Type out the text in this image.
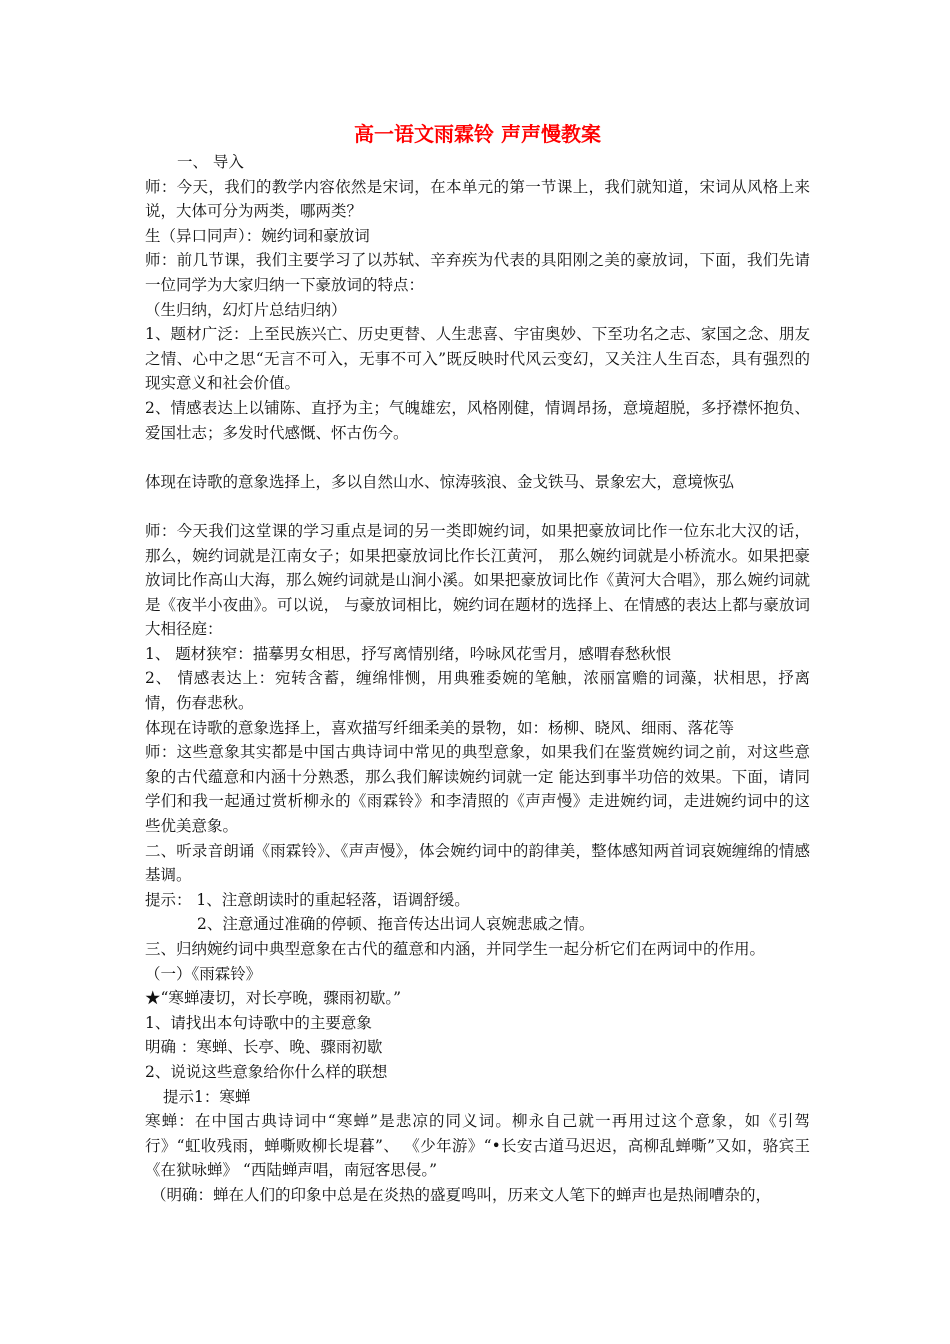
高一语文雨霖铃 声声慢教案

一、 导入

师：今天，我们的教学内容依然是宋词，在本单元的第一节课上，我们就知道，宋词从风格上来说，大体可分为两类，哪两类？

生（异口同声）：婉约词和豪放词

师：前几节课，我们主要学习了以苏轼、辛弃疾为代表的具阳刚之美的豪放词，下面，我们先请一位同学为大家归纳一下豪放词的特点：

（生归纳，幻灯片总结归纳）

1、题材广泛：上至民族兴亡、历史更替、人生悲喜、宇宙奥妙、下至功名之志、家国之念、朋友之情、心中之思“无言不可入，无事不可入”既反映时代风云变幻，又关注人生百态，具有强烈的现实意义和社会价值。

2、情感表达上以铺陈、直抒为主；气魄雄宏，风格刚健，情调昂扬，意境超脱，多抒襟怀抱负、爱国壮志；多发时代感慨、怀古伤今。

体现在诗歌的意象选择上，多以自然山水、惊涛骇浪、金戈铁马、景象宏大，意境恢弘

师：今天我们这堂课的学习重点是词的另一类即婉约词，如果把豪放词比作一位东北大汉的话，那么，婉约词就是江南女子；如果把豪放词比作长江黄河， 那么婉约词就是小桥流水。如果把豪放词比作高山大海，那么婉约词就是山涧小溪。如果把豪放词比作《黄河大合唱》，那么婉约词就是《夜半小夜曲》。可以说， 与豪放词相比，婉约词在题材的选择上、在情感的表达上都与豪放词大相径庭：

1、 题材狭窄：描摹男女相思，抒写离情别绪，吟咏风花雪月，感喟春愁秋恨

2、 情感表达上：宛转含蓄，缠绵悱恻，用典雅委婉的笔触，浓丽富赡的词藻，状相思，抒离情，伤春悲秋。

体现在诗歌的意象选择上，喜欢描写纤细柔美的景物，如：杨柳、晓风、细雨、落花等

师：这些意象其实都是中国古典诗词中常见的典型意象，如果我们在鉴赏婉约词之前，对这些意象的古代蕴意和内涵十分熟悉，那么我们解读婉约词就一定 能达到事半功倍的效果。下面，请同学们和我一起通过赏析柳永的《雨霖铃》和李清照的《声声慢》走进婉约词，走进婉约词中的这些优美意象。

二、听录音朗诵《雨霖铃》、《声声慢》，体会婉约词中的韵律美，整体感知两首词哀婉缠绵的情感基调。

提示： 1、注意朗读时的重起轻落，语调舒缓。

2、注意通过准确的停顿、拖音传达出词人哀婉悲戚之情。

三、归纳婉约词中典型意象在古代的蕴意和内涵，并同学生一起分析它们在两词中的作用。

（一）《雨霖铃》

★“寒蝉凄切，对长亭晚，骤雨初歇。”

1、请找出本句诗歌中的主要意象

明确 ：寒蝉、长亭、晚、骤雨初歇

2、说说这些意象给你什么样的联想

提示1：寒蝉

寒蝉：在中国古典诗词中“寒蝉”是悲凉的同义词。柳永自己就一再用过这个意象，如《引驾行》“虹收残雨，蝉嘶败柳长堤暮”、 《少年游》“•长安古道马迟迟，高柳乱蝉嘶”又如，骆宾王《在狱咏蝉》 “西陆蝉声唱，南冠客思侵。”

（明确：蝉在人们的印象中总是在炎热的盛夏鸣叫，历来文人笔下的蝉声也是热闹嘈杂的，
